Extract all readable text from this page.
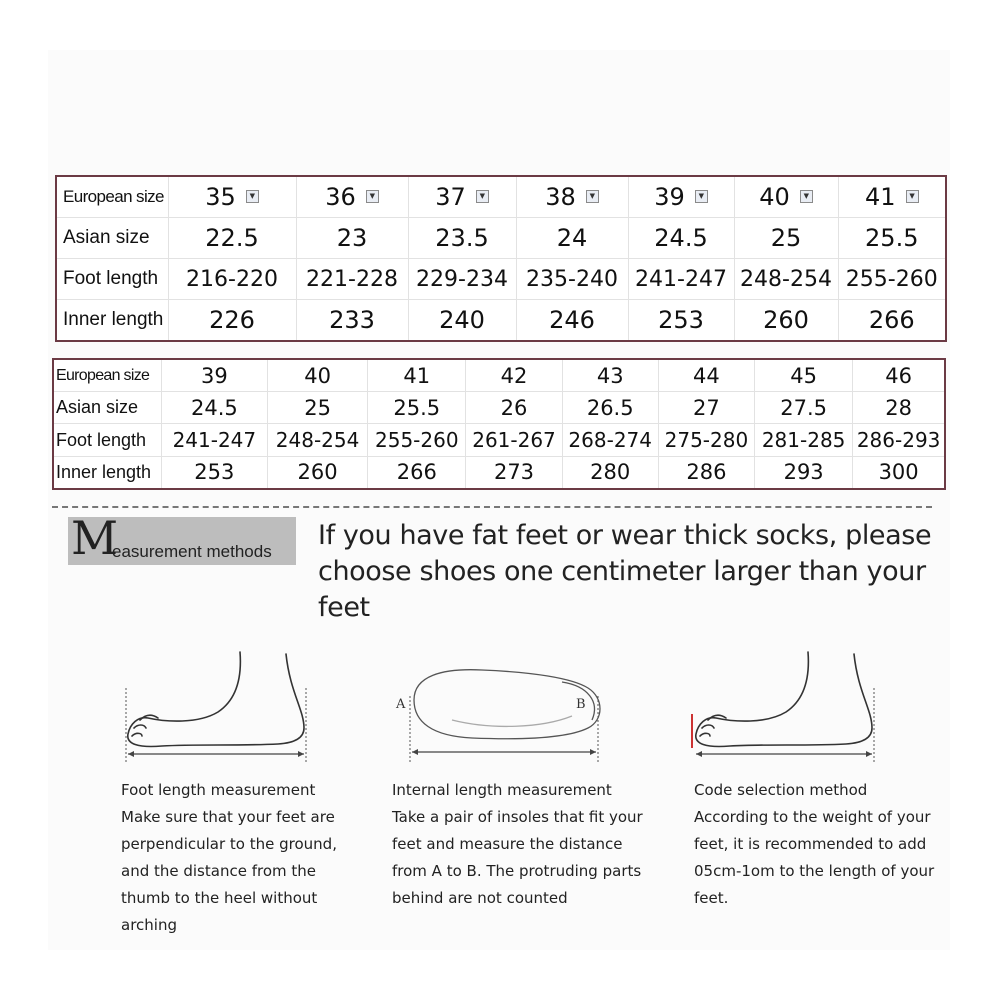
European size	35 ▼	36 ▼	37 ▼	38 ▼	39 ▼	40 ▼	41 ▼
Asian size	22.5	23	23.5	24	24.5	25	25.5
Foot length	216-220	221-228	229-234	235-240	241-247	248-254	255-260
Inner length	226	233	240	246	253	260	266
European size	39	40	41	42	43	44	45	46
Asian size	24.5	25	25.5	26	26.5	27	27.5	28
Foot length	241-247	248-254	255-260	261-267	268-274	275-280	281-285	286-293
Inner length	253	260	266	273	280	286	293	300
M
easurement methods
If you have fat feet or wear thick socks, please choose shoes one centimeter larger than your feet
A	B
Foot length measurement
Make sure that your feet are
perpendicular to the ground,
and the distance from the
thumb to the heel without
arching
Internal length measurement
Take a pair of insoles that fit your
feet and measure the distance
from A to B. The protruding parts
behind are not counted
Code selection method
According to the weight of your
feet, it is recommended to add
05cm-1om to the length of your
feet.
